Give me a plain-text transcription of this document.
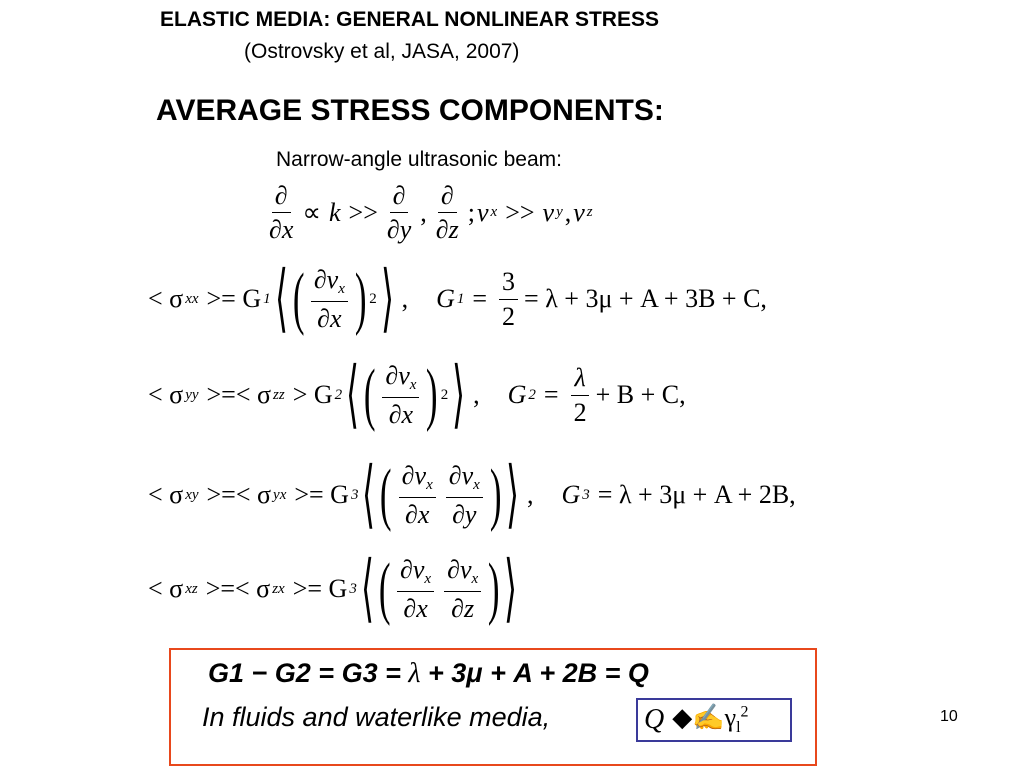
ELASTIC MEDIA: GENERAL NONLINEAR STRESS
(Ostrovsky et al, JASA, 2007)
AVERAGE STRESS COMPONENTS:
Narrow-angle ultrasonic beam:
$\frac{\partial}{\partial x} \propto k >> \frac{\partial}{\partial y}$ , $\frac{\partial}{\partial z}$ ; v x >> v y , v z
< σ xx >= G 1 ⟨ ( $\frac{\partial v_x}{\partial x}$ ) 2 ⟩ , G $1 = \frac{3}{2} = \lambda + 3\mu + A + 3B + C$,
< σ yy >=< σ zz > G 2 ⟨ ( $\frac{\partial v_x}{\partial x}$ ) 2 ⟩ , G $2 = \frac{\lambda}{2} + B + C$,
< σ xy >=< σ yx >= G 3 ⟨ ( $\frac{\partial v_x}{\partial x} \frac{\partial v_x}{\partial y}$ ) ⟩ , G 3 = λ + 3μ + A + 2B,
< σ xz >=< σ zx >= G 3 ⟨ ( $\frac{\partial v_x}{\partial x} \frac{\partial v_x}{\partial z}$ ) ⟩
G1 − G2 = G3 = λ + 3μ + A + 2B = Q
In fluids and waterlike media,	Q $◆✍\gamma_l^2$	10
